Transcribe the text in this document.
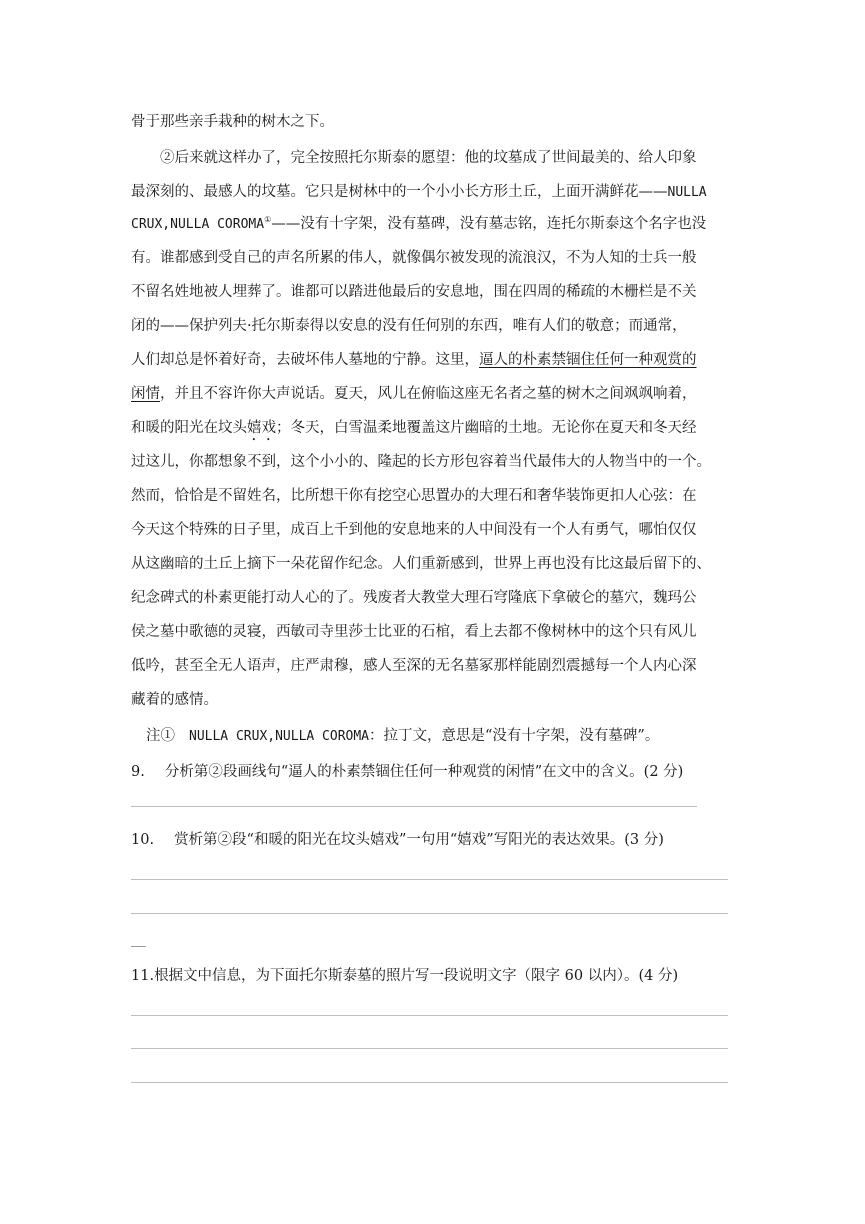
骨于那些亲手栽种的树木之下。
②后来就这样办了，完全按照托尔斯泰的愿望：他的坟墓成了世间最美的、给人印象
最深刻的、最感人的坟墓。它只是树林中的一个小小长方形土丘，上面开满鲜花——NULLA
CRUX,NULLA COROMA①——没有十字架，没有墓碑，没有墓志铭，连托尔斯泰这个名字也没
有。谁都感到受自己的声名所累的伟人，就像偶尔被发现的流浪汉，不为人知的士兵一般
不留名姓地被人埋葬了。谁都可以踏进他最后的安息地，围在四周的稀疏的木栅栏是不关
闭的——保护列夫·托尔斯泰得以安息的没有任何别的东西，唯有人们的敬意；而通常，
人们却总是怀着好奇，去破坏伟人墓地的宁静。这里，逼人的朴素禁锢住任何一种观赏的
闲情，并且不容许你大声说话。夏天，风儿在俯临这座无名者之墓的树木之间飒飒响着，
和暖的阳光在坟头嬉戏；冬天，白雪温柔地覆盖这片幽暗的土地。无论你在夏天和冬天经
过这儿，你都想象不到，这个小小的、隆起的长方形包容着当代最伟大的人物当中的一个。
然而，恰恰是不留姓名，比所想干你有挖空心思置办的大理石和奢华装饰更扣人心弦：在
今天这个特殊的日子里，成百上千到他的安息地来的人中间没有一个人有勇气，哪怕仅仅
从这幽暗的土丘上摘下一朵花留作纪念。人们重新感到，世界上再也没有比这最后留下的、
纪念碑式的朴素更能打动人心的了。残废者大教堂大理石穹隆底下拿破仑的墓穴，魏玛公
侯之墓中歌德的灵寝，西敏司寺里莎士比亚的石棺，看上去都不像树林中的这个只有风儿
低吟，甚至全无人语声，庄严肃穆，感人至深的无名墓冢那样能剧烈震撼每一个人内心深
藏着的感情。
注① NULLA CRUX,NULLA COROMA：拉丁文，意思是“没有十字架，没有墓碑”。
9. 分析第②段画线句“逼人的朴素禁锢住任何一种观赏的闲情”在文中的含义。(2 分)
10. 赏析第②段“和暖的阳光在坟头嬉戏”一句用“嬉戏”写阳光的表达效果。(3 分)
11.根据文中信息，为下面托尔斯泰墓的照片写一段说明文字（限字 60 以内）。(4 分)
